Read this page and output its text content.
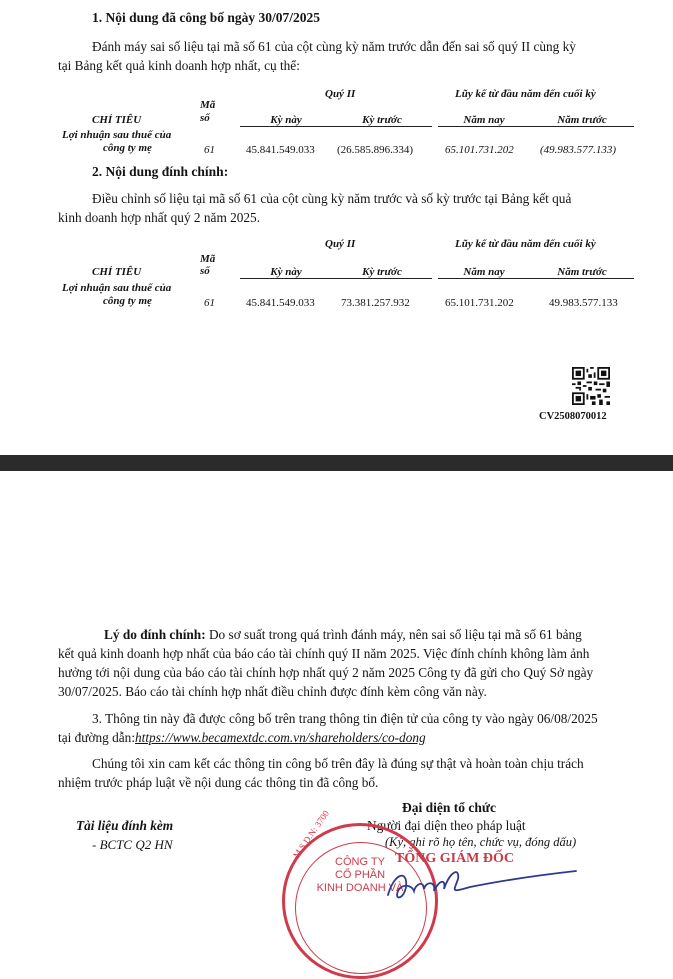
1. Nội dung đã công bố ngày 30/07/2025
Đánh máy sai số liệu tại mã số 61 của cột cùng kỳ năm trước dẫn đến sai số quý II cùng kỳ
tại Bảng kết quả kinh doanh hợp nhất, cụ thể:
Quý II	Lũy kế từ đầu năm đến cuối kỳ
Mã
CHỈ TIÊU	số	Kỳ này	Kỳ trước	Năm nay	Năm trước
Lợi nhuận sau thuế của
công ty mẹ	61	45.841.549.033 (26.585.896.334)	65.101.731.202 (49.983.577.133)
2. Nội dung đính chính:
Điều chỉnh số liệu tại mã số 61 của cột cùng kỳ năm trước và số kỳ trước tại Bảng kết quả
kinh doanh hợp nhất quý 2 năm 2025.
Quý II	Lũy kế từ đầu năm đến cuối kỳ
Mã
CHỈ TIÊU	số	Kỳ này	Kỳ trước	Năm nay	Năm trước
Lợi nhuận sau thuế của
công ty mẹ	61	45.841.549.033 73.381.257.932	65.101.731.202	49.983.577.133
CV2508070012
Lý do đính chính: Do sơ suất trong quá trình đánh máy, nên sai số liệu tại mã số 61 bảng
kết quả kinh doanh hợp nhất của báo cáo tài chính quý II năm 2025. Việc đính chính không làm ảnh
hưởng tới nội dung của báo cáo tài chính hợp nhất quý 2 năm 2025 Công ty đã gửi cho Quý Sở ngày
30/07/2025. Báo cáo tài chính hợp nhất điều chỉnh được đính kèm công văn này.
3. Thông tin này đã được công bố trên trang thông tin điện tử của công ty vào ngày 06/08/2025
tại đường dẫn:https://www.becamextdc.com.vn/shareholders/co-dong
Chúng tôi xin cam kết các thông tin công bố trên đây là đúng sự thật và hoàn toàn chịu trách
nhiệm trước pháp luật về nội dung các thông tin đã công bố.
Đại diện tổ chức
Người đại diện theo pháp luật
(Ký, ghi rõ họ tên, chức vụ, đóng dấu)
TỔNG GIÁM ĐỐC
Tài liệu đính kèm
- BCTC Q2 HN	M.S.D.N: 3700
CÔNG TY
CỔ PHẦN
KINH DOANH VÀ
